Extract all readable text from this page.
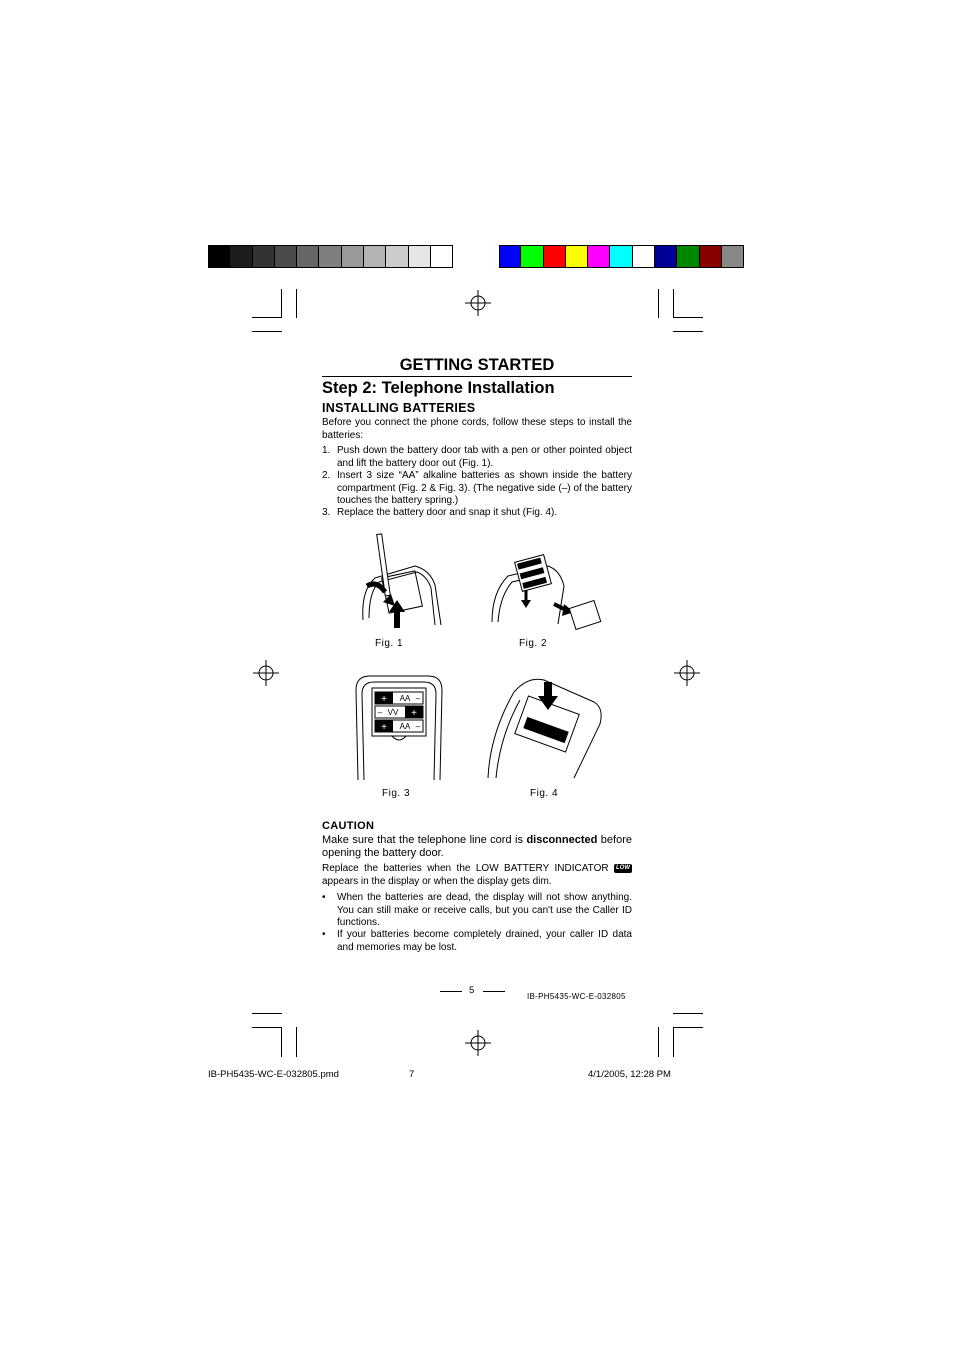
GETTING STARTED
Step 2: Telephone Installation
INSTALLING BATTERIES
Before you connect the phone cords, follow these steps to install the batteries:
1. Push down the battery door tab with a pen or other pointed object and lift the battery door out (Fig. 1).
2. Insert 3 size “AA” alkaline batteries as shown inside the battery compartment (Fig. 2 & Fig. 3). (The negative side (–) of the battery touches the battery spring.)
3. Replace the battery door and snap it shut (Fig. 4).
Fig. 1	Fig. 2
+ AA –
– VV +
+ AA –
Fig. 3	Fig. 4
CAUTION
Make sure that the telephone line cord is disconnected before opening the battery door.
Replace the batteries when the LOW BATTERY INDICATOR LOW appears in the display or when the display gets dim.
• When the batteries are dead, the display will not show anything. You can still make or receive calls, but you can't use the Caller ID functions.
• If your batteries become completely drained, your caller ID data and memories may be lost.
5
IB-PH5435-WC-E-032805
IB-PH5435-WC-E-032805.pmd	7	4/1/2005, 12:28 PM
